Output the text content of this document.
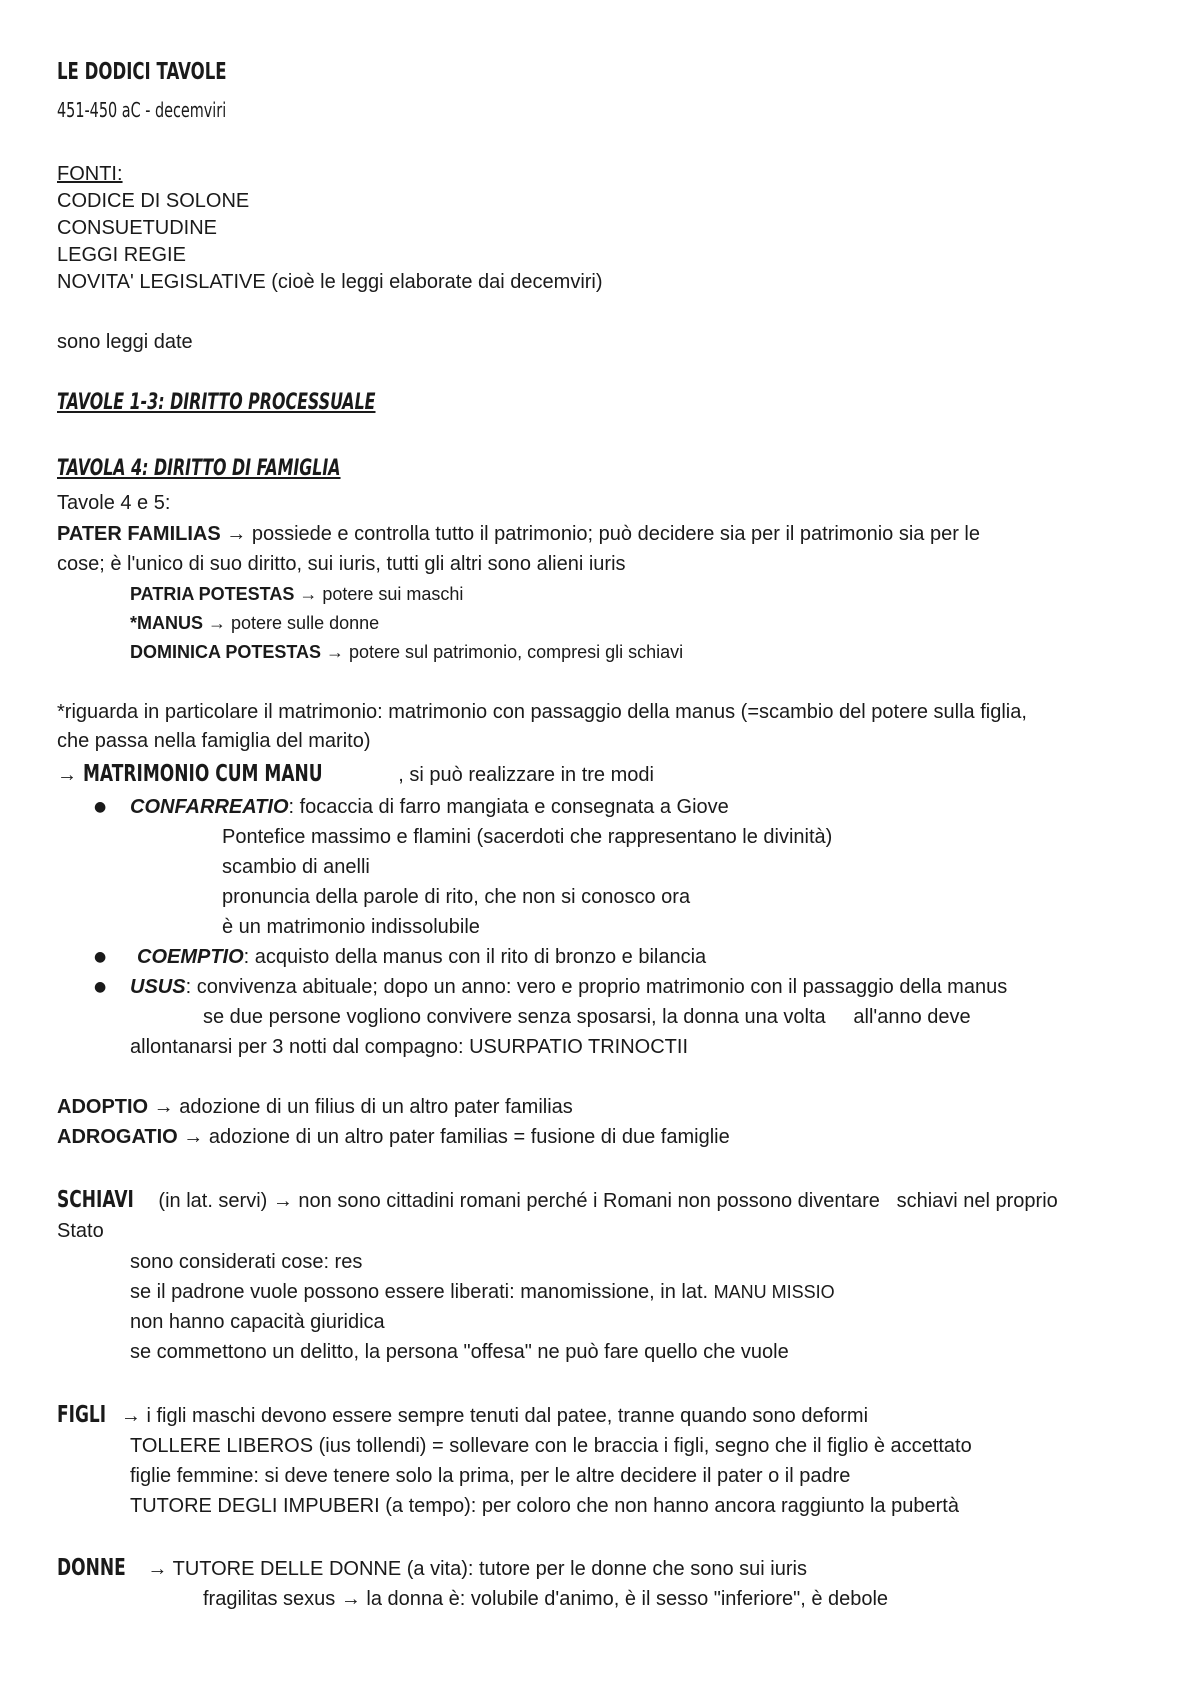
LE DODICI TAVOLE
451-450 aC - decemviri
FONTI:
CODICE DI SOLONE
CONSUETUDINE
LEGGI REGIE
NOVITA' LEGISLATIVE (cioè le leggi elaborate dai decemviri)
sono leggi date
TAVOLE 1-3: DIRITTO PROCESSUALE
TAVOLA 4: DIRITTO DI FAMIGLIA
Tavole 4 e 5:
PATER FAMILIAS → possiede e controlla tutto il patrimonio; può decidere sia per il patrimonio sia per le
cose; è l'unico di suo diritto, sui iuris, tutti gli altri sono alieni iuris
PATRIA POTESTAS → potere sui maschi
*MANUS → potere sulle donne
DOMINICA POTESTAS → potere sul patrimonio, compresi gli schiavi
*riguarda in particolare il matrimonio: matrimonio con passaggio della manus (=scambio del potere sulla figlia,
che passa nella famiglia del marito)
→ MATRIMONIO CUM MANU	, si può realizzare in tre modi
● CONFARREATIO: focaccia di farro mangiata e consegnata a Giove
Pontefice massimo e flamini (sacerdoti che rappresentano le divinità)
scambio di anelli
pronuncia della parole di rito, che non si conosco ora
è un matrimonio indissolubile
● COEMPTIO: acquisto della manus con il rito di bronzo e bilancia
● USUS: convivenza abituale; dopo un anno: vero e proprio matrimonio con il passaggio della manus
se due persone vogliono convivere senza sposarsi, la donna una volta     all'anno deve
allontanarsi per 3 notti dal compagno: USURPATIO TRINOCTII
ADOPTIO → adozione di un filius di un altro pater familias
ADROGATIO → adozione di un altro pater familias = fusione di due famiglie
SCHIAVI (in lat. servi) → non sono cittadini romani perché i Romani non possono diventare   schiavi nel proprio
Stato
sono considerati cose: res
se il padrone vuole possono essere liberati: manomissione, in lat. MANU MISSIO
non hanno capacità giuridica
se commettono un delitto, la persona "offesa" ne può fare quello che vuole
FIGLI → i figli maschi devono essere sempre tenuti dal patee, tranne quando sono deformi
TOLLERE LIBEROS (ius tollendi) = sollevare con le braccia i figli, segno che il figlio è accettato
figlie femmine: si deve tenere solo la prima, per le altre decidere il pater o il padre
TUTORE DEGLI IMPUBERI (a tempo): per coloro che non hanno ancora raggiunto la pubertà
DONNE → TUTORE DELLE DONNE (a vita): tutore per le donne che sono sui iuris
fragilitas sexus → la donna è: volubile d'animo, è il sesso "inferiore", è debole
